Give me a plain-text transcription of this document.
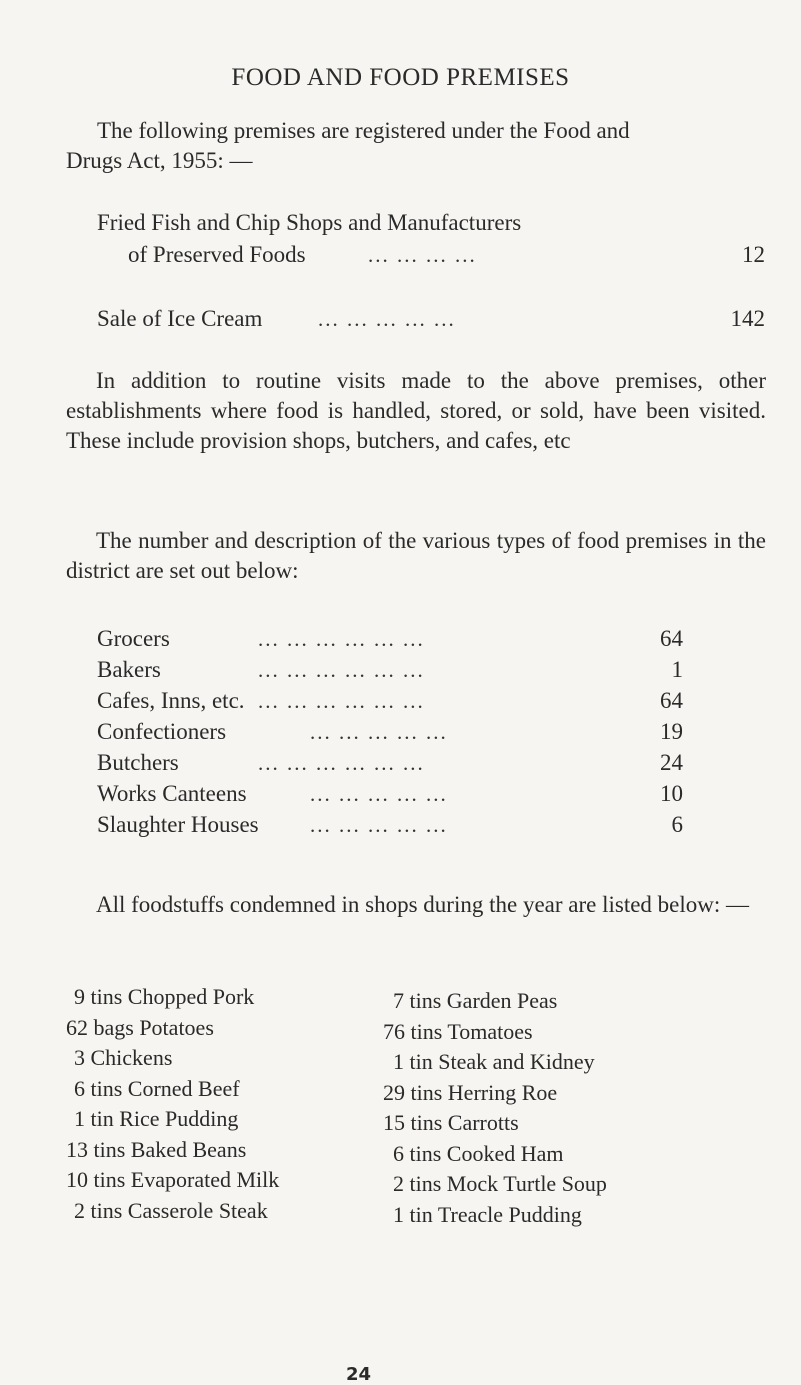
FOOD AND FOOD PREMISES
The following premises are registered under the Food and
Drugs Act, 1955: —
Fried Fish and Chip Shops and Manufacturers
of Preserved Foods	... ... ... ...	12
Sale of Ice Cream	... ... ... ... ...	142
In addition to routine visits made to the above premises, other establishments where food is handled, stored, or sold, have been visited. These include provision shops, butchers, and cafes, etc
The number and description of the various types of food premises in the district are set out below:
Grocers	... ... ... ... ... ...	64
Bakers	... ... ... ... ... ...	1
Cafes, Inns, etc. ... ... ... ... ... ...	64
Confectioners	... ... ... ... ...	19
Butchers	... ... ... ... ... ...	24
Works Canteens	... ... ... ... ...	10
Slaughter Houses ... ... ... ... ...	6
All foodstuffs condemned in shops during the year are listed below: —
9 tins Chopped Pork
62 bags Potatoes
3 Chickens
6 tins Corned Beef
1 tin Rice Pudding
13 tins Baked Beans
10 tins Evaporated Milk
2 tins Casserole Steak
7 tins Garden Peas
76 tins Tomatoes
1 tin Steak and Kidney
29 tins Herring Roe
15 tins Carrotts
6 tins Cooked Ham
2 tins Mock Turtle Soup
1 tin Treacle Pudding
24
